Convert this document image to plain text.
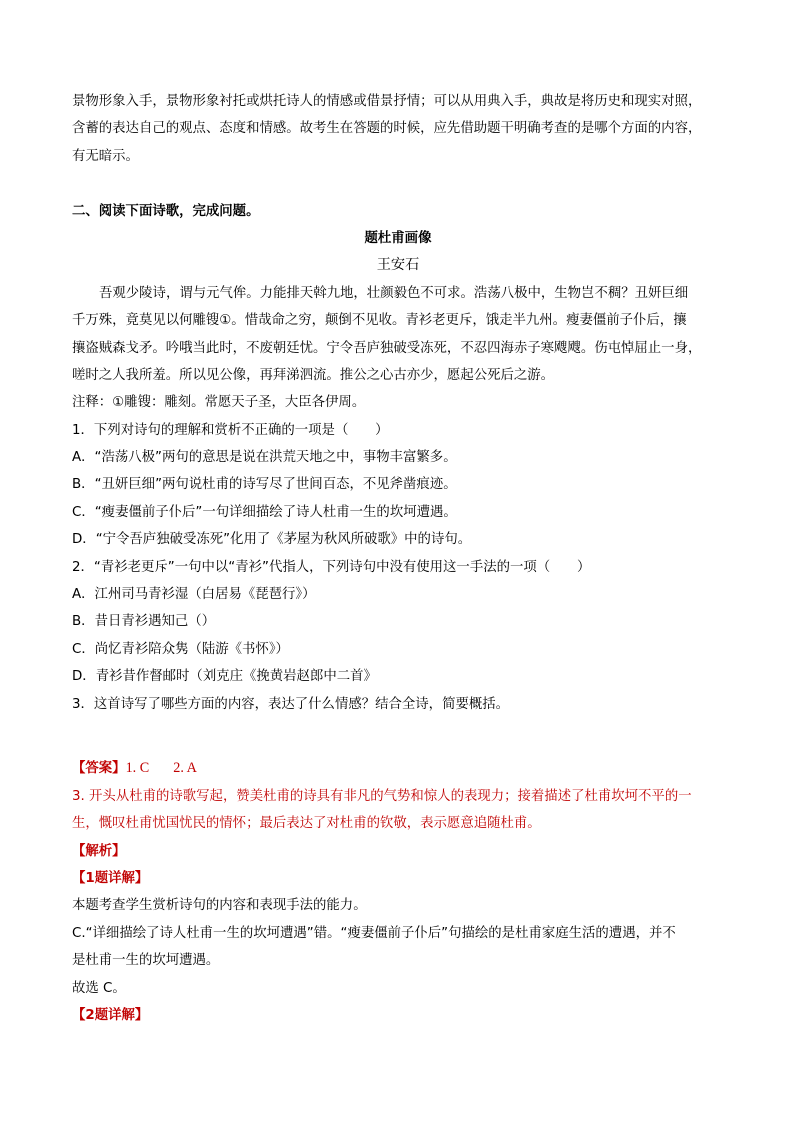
景物形象入手，景物形象衬托或烘托诗人的情感或借景抒情；可以从用典入手，典故是将历史和现实对照，
含蓄的表达自己的观点、态度和情感。故考生在答题的时候，应先借助题干明确考查的是哪个方面的内容，
有无暗示。
二、阅读下面诗歌，完成问题。
题杜甫画像
王安石
吾观少陵诗，谓与元气侔。力能排天斡九地，壮颜毅色不可求。浩荡八极中，生物岂不稠？丑妍巨细
千万殊，竟莫见以何雕锼①。惜哉命之穷，颠倒不见收。青衫老更斥，饿走半九州。瘦妻僵前子仆后，攘
攘盗贼森戈矛。吟哦当此时，不废朝廷忧。宁令吾庐独破受冻死，不忍四海赤子寒飕飕。伤屯悼屈止一身，
嗟时之人我所羞。所以见公像，再拜涕泗流。推公之心古亦少，愿起公死后之游。
注释：①雕锼：雕刻。常愿天子圣，大臣各伊周。
1．下列对诗句的理解和赏析不正确的一项是（　　）
A．“浩荡八极”两句的意思是说在洪荒天地之中，事物丰富繁多。
B．“丑妍巨细”两句说杜甫的诗写尽了世间百态，不见斧凿痕迹。
C．“瘦妻僵前子仆后”一句详细描绘了诗人杜甫一生的坎坷遭遇。
D．“宁令吾庐独破受冻死”化用了《茅屋为秋风所破歌》中的诗句。
2．“青衫老更斥”一句中以“青衫”代指人，下列诗句中没有使用这一手法的一项（　　）
A．江州司马青衫湿（白居易《琵琶行》）
B．昔日青衫遇知己（）
C．尚忆青衫陪众隽（陆游《书怀》）
D．青衫昔作督邮时（刘克庄《挽黄岩赵郎中二首》
3．这首诗写了哪些方面的内容，表达了什么情感？结合全诗，简要概括。
【答案】1. C 2. A
3. 开头从杜甫的诗歌写起，赞美杜甫的诗具有非凡的气势和惊人的表现力；接着描述了杜甫坎坷不平的一
生，慨叹杜甫忧国忧民的情怀；最后表达了对杜甫的钦敬，表示愿意追随杜甫。
【解析】
【1题详解】
本题考查学生赏析诗句的内容和表现手法的能力。
C.“详细描绘了诗人杜甫一生的坎坷遭遇”错。“瘦妻僵前子仆后”句描绘的是杜甫家庭生活的遭遇，并不
是杜甫一生的坎坷遭遇。
故选 C。
【2题详解】
